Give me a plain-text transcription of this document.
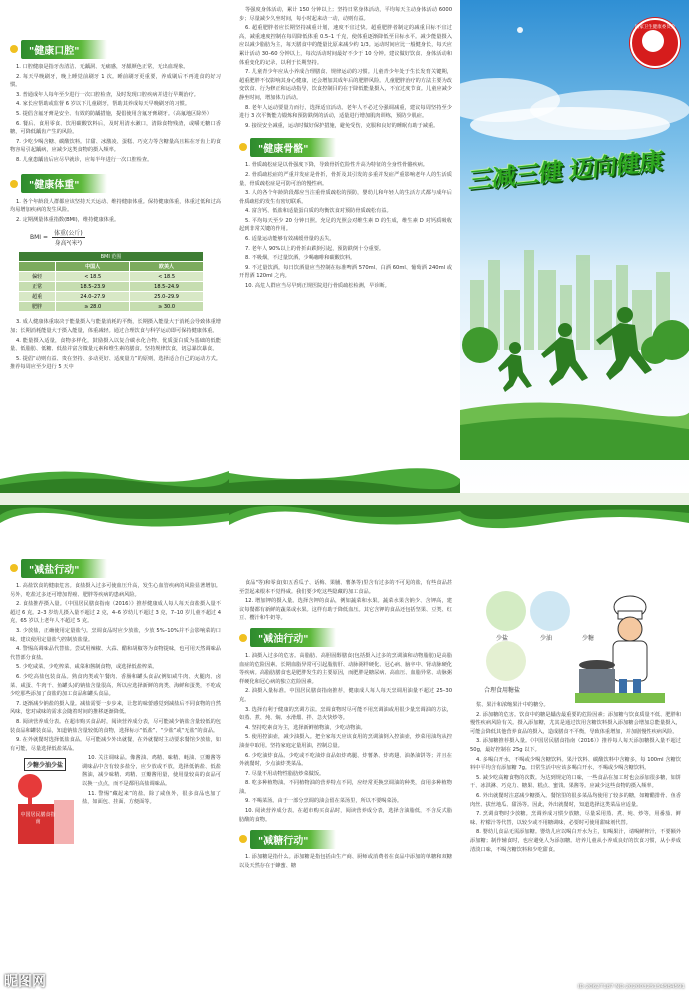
"健康口腔"

1. 口腔健康是指牙齿清洁、无龋洞、无痛感，牙龈颜色正常，无出血现象。

2. 每天早晚刷牙，晚上睡觉前刷牙 1 次。睡前刷牙更重要，养成刷后不再进食的好习惯。

3. 普通成年人每年至少进行一次口腔检查，及时发现口腔疾病并进行早期治疗。

4. 家长应帮助或监督 6 岁以下儿童刷牙，帮助其养成每天早晚刷牙的习惯。

5. 提倡含氟牙膏是安全、有效的防龋措施，提倡使用含氟牙膏刷牙。（高氟地区除外）

6. 餐后、食用零食、饮用碳酸饮料后，及时用清水漱口，清除食物残渣，或嚼无糖口香糖，可降低龋齿产生的风险。

7. 少吃少喝含糖、碳酸饮料。甘甜、冰激凌、蛋糕、巧克力等含糖量高且粘在牙齿上的食物容易引起龋病，应减少这类食物的摄入频率。

8. 儿童患龋齿后应尽早就诊，应每半年进行一次口腔检查。

"健康体重"

1. 各个年龄段人群都应该坚持天天运动、维持健康体重。保持健康体重，体重过低和过高均易增加疾病的发生风险。

2. 定期测量体重指数(BMI)，维持健康体重。

BMI = $\frac{\text{体重(公斤)}}{\text{身高²(米²)}}$
BMI 范围		
	中国人	欧美人
偏轻	< 18.5	< 18.5
正常	18.5–23.9	18.5–24.9
超重	24.0–27.9	25.0–29.9
肥胖	≥ 28.0	≥ 30.0

3. 成人健康体重取决于能量摄入与能量消耗的平衡，长期摄入能量大于消耗会导致体重增加；长期消耗能量大于摄入能量，体重减轻。通过合理饮食与科学运动即可保持健康体重。

4. 能量摄入适量，食物多样化，鼓励摄入以复合碳水化合物、优质蛋白质为基础的低能量、低脂肪、低糖、低盐并富含微量元素和维生素的膳食。坚持规律饮食，切忌暴饮暴食。

5. 提倡“动则有益、贵在坚持、多动更好、适度量力”的原则，选择适合自己的运动方式。推荐每周应至少进行 5 天中

等强度身体活动，累计 150 分钟以上；坚持日常身体活动，平均每天主动身体活动 6000 步；尽量减少久坐时间，每小时起来动一动，动则有益。

6. 超重肥胖者应长期坚持减重计划，速度不宜过快。超重肥胖者制定的减重目标不宜过高，减重速度控制在每周降低体重 0.5–1 千克，使体重逐渐降低至目标水平。减少能量摄入应以减少脂肪为主，每天膳食中的能量比原来减少约 1/3。运动时间应比一般健身长，每天应累计活动 30–60 分钟以上，每次活动时间最好不少于 10 分钟。建议做好饮食、身体活动和体重变化的记录，以利于长期坚持。

7. 儿童青少年应从小养成合理膳食、规律运动的习惯。儿童青少年处于生长发育关键期，超重肥胖不仅影响其身心健康，还会增加其成年后的肥胖风险。儿童肥胖治疗的方法主要为改变饮食、行为修正和运动指导，饮食控制目的在于降低能量摄入，不宜过度节食。儿童应减少静坐时间，增加体力活动。

8. 老年人运动要量力而行，选择适宜活动。老年人不必过分强调减重，建议每周坚持至少进行 3 次平衡能力锻炼和预防跌倒的活动，适量进行增加肌肉训练，预防少肌症。

9. 接误安全减重，运动时做好保护措施，避免受伤，克服和良好的睡眠有助于减重。

"健康骨骼"

1. 骨质疏松症是以骨强度下降，导致骨折危险性升高为特征的全身性骨骼疾病。

2. 骨质疏松症的严重并发症是骨折，骨折及其引发的多重并发症严重影响老年人的生活质量，骨质疏松症是可防可治的慢性病。

3. 人的各个年龄阶段都应当注重骨质疏松的预防，婴幼儿和年轻人的生活方式都与成年后骨质疏松的发生有密切联系。

4. 富含钙、低盐和适量蛋白质的均衡饮食对预防骨质疏松有益。

5. 平均每天至少 20 分钟日照。充足的光照会对维生素 D 的生成，维生素 D 对钙质吸收起到非常关键的作用。

6. 适量运动能够有效减缓骨量的丢失。

7. 老年人 90%以上的骨折由跌倒引起，预防跌倒十分重要。

8. 不吸烟，不过量饮酒，少喝咖啡和碳酸饮料。

9. 不过量饮酒。每日饮酒量应当控制在标准啤酒 570ml、白酒 60ml、葡萄酒 240ml 或开胃酒 120ml 之内。

10. 高危人群应当尽早到正规医院进行骨质疏松检测，早诊断。

国家卫生健康委员会
三减三健 迈向健康
"减盐行动"

1. 高盐饮食的健康危害。食盐摄入过多可使血压升高，发生心血管疾病的风险显著增加。另外，吃盐过多还可增加胃癌、肥胖等疾病的患病风险。

2. 食盐推荐摄入量。《中国居民膳食指南（2016）》推荐健康成人每人每天食盐摄入量不超过 6 克。2–3 岁幼儿摄入量不超过 2 克，4–6 岁幼儿不超过 3 克，7–10 岁儿童不超过 4 克，65 岁以上老年人不超过 5 克。

3. 少放盐，正确使用定量盐勺。烹调食品时应少放盐，少放 5%–10%并不会影响菜的口味。建议使用定量盐勺控制放盐量。

4. 警惕高调味品代替盐。尝试用辣椒、大蒜、醋和胡椒等为食物提味，也可用天然调味品代替部分食盐。

5. 少吃咸菜。少吃榨菜、咸菜和酱制食物，或选择低盐榨菜。

6. 少吃高盐包装食品。熟食肉类或午餐肉、香肠和罐头食品(例如咸牛肉、火腿肉、卤菜、咸蛋、牛肉干、鱼罐头)的钠盐含量很高，所以应选择新鲜的肉类、海鲜和蛋类，不吃或少吃那些添加了食盐的加工食品和罐头食品。

7. 逐渐减少钠盐的摄入量。减盐需要一步步来，让您的味蕾感觉到减盐后不同食物的自然风味，您对咸味的需求会随着时间的推移逐渐降低。

8. 阅读营养成分表。在超市购买食品时，阅读营养成分表，尽可能减少钠盐含量较低的包装食品和罐装食品，知道钠盐含量较低的食物，选择标示“低盐”、“少盐”或“无盐”的食品。

9. 在外就餐时选择低盐食品。尽可能减少外出就餐，在外就餐时主动要求餐馆少放盐，如有可能，尽量选择低盐菜品。

少糖少油少盐
中国居民膳食指南

10. 关注调味品。像酱油、鸡精、味精、蚝油、豆瓣酱等调味品中含有较多盐分，应少放或不放，选择低钠盐、低盐酱油，减少味精、鸡精、豆瓣酱用量，使用量较高的食品可以换一点点，而不是都用高盐调味品。

11. 警惕“藏起来”的盐。除了咸鱼外，很多食品也加了盐，如面包、挂面、方便面等。

昵图网

食品"等)和零食(如五香瓜子、话梅、果脯、薯条等)里含有过多的不可见的盐，有些食品甚至尝起来根本不觉得咸。我们要少吃这些隐藏的加工食品。

12. 增加钾的摄入量。选择含钾的食品，例如蔬菜和水果。蔬菜水果含钠少、含钾高，建议每餐都有新鲜的蔬菜或水果。这样有助于降低血压。其它含钾的食品还包括坚果、豆类、红豆、樱汁和牛奶等。

"减油行动"

1. 油摄入过多的危害。高脂肪、高胆固醇膳食(包括摄入过多的烹调油和动物脂肪)是高脂血症的危险因素。长期血脂异常可引起脂肪肝、动脉粥样硬化、冠心病、脑卒中、肾动脉硬化等疾病。高脂肪膳食也是肥胖发生的主要原因，而肥胖是糖尿病、高血压、血脂异常、动脉粥样硬化和冠心病的独立危险因素。

2. 油摄入量标准。中国居民膳食指南推荐，健康成人每人每天烹调用油量不超过 25–30 克。

3. 选择有利于健康的烹调方法。烹调食物时尽可能不用烹调油或用很少量烹调油的方法，如蒸、煮、炖、焖、水滑熘、拌、急火快炒等。

4. 坚持吃素食为主，选择新鲜植物油，少吃动物油。

5. 使用控油壶，减少油摄入。把全家每天应该食用的烹调油倒入控油壶，炒菜用油均从控油壶中取用。坚持家庭定量用油，控制总量。

6. 少吃油炸食品。少吃或不吃油炸食品如炸鸡腿、炸薯条、炸鸡翅、油条油饼等；并且在外就餐时，少点油炸类菜品。

7. 尽量不用动物性脂肪炒菜做饭。

8. 吃多种植物油。不同植物油的营养特点不同，应经常更换烹调油的种类，食用多种植物油。

9. 不喝菜汤。由于一部分烹调的油会留在菜汤里，所以不要喝菜汤。

10. 阅读营养成分表。在超市购买食品时，阅读营养成分表，选择含油脂低，不含反式脂肪酸的食物。

"减糖行动"

1. 添加糖是指什么。添加糖是指包括由生产商、厨师或消费者在食品中添加的单糖和双糖以及天然存在于蜂蜜、糖

少盐	少油	少糖
合理食用糖盐

浆、果汁和浓缩果汁中的糖分。

2. 添加糖的危害。饮食中的糖是龋齿最重要的危险因素；添加糖与饮食质量不低、肥胖和慢性疾病风险有关。摄入添加糖，尤其是通过饮用含糖饮料摄入添加糖会增加总能量摄入，可能会降低其他营养食品的摄入，造成膳食不平衡，导致体重增加，并加剧慢性疾病风险。

3. 添加糖推荐摄入量。《中国居民膳食指南（2016）》推荐每人每天添加糖摄入量不超过 50g，最好控制在 25g 以下。

4. 多喝白开水，不喝或少喝含糖饮料。果汁饮料、碳酸饮料中含糖多，每 100ml 含糖饮料中平均含有添加糖 7g。日常生活中应该多喝白开水，不喝或少喝含糖饮料。

5. 减少吃高糖食物的次数。为达到规定的口味，一些食品在加工时也会添加很多糖，如饼干、冰淇淋、巧克力、糖果、糕点、蜜饯、果酱等。应减少这些食物的摄入频率。

6. 外出就餐时注意减少糖摄入。餐馆里的很多菜品均使用了较多的糖，如糖醋排骨、鱼香肉丝、拔丝地瓜、甜汤等。因此，外出就餐时，知道选择这类菜品应适量。

7. 烹调食物时少放糖。烹调养成习惯少放糖，尽量采用蒸、煮、炖、炒等，用番茄、鲜味、柠檬汁等代替，以较少或不用糖调味，必要时可使用甜味剂代替。

8. 婴幼儿食品无需添加糖。婴幼儿应以喝白开水为主，如喝果汁，请喝鲜榨汁，不要额外添加糖；制作辅食时，也应避免人为添加糖。培养儿童从小养成良好的饮食习惯，从小养成清淡口味，不喝含糖饮料和少吃甜食。

ID:20627187 NO:20200325154584591
